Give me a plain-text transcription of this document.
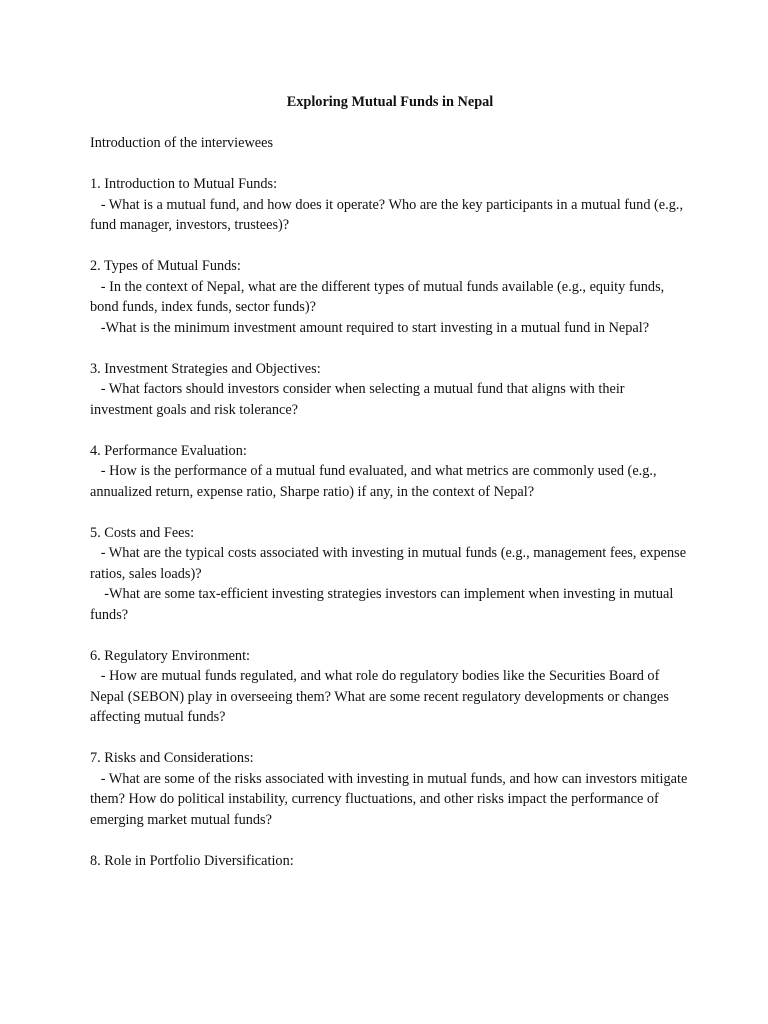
Exploring Mutual Funds in Nepal
Introduction of the interviewees
1. Introduction to Mutual Funds:
- What is a mutual fund, and how does it operate? Who are the key participants in a mutual fund (e.g., fund manager, investors, trustees)?
2. Types of Mutual Funds:
- In the context of Nepal, what are the different types of mutual funds available (e.g., equity funds, bond funds, index funds, sector funds)?
-What is the minimum investment amount required to start investing in a mutual fund in Nepal?
3. Investment Strategies and Objectives:
- What factors should investors consider when selecting a mutual fund that aligns with their investment goals and risk tolerance?
4. Performance Evaluation:
- How is the performance of a mutual fund evaluated, and what metrics are commonly used (e.g., annualized return, expense ratio, Sharpe ratio) if any, in the context of Nepal?
5. Costs and Fees:
- What are the typical costs associated with investing in mutual funds (e.g., management fees, expense ratios, sales loads)?
-What are some tax-efficient investing strategies investors can implement when investing in mutual funds?
6. Regulatory Environment:
- How are mutual funds regulated, and what role do regulatory bodies like the Securities Board of Nepal (SEBON) play in overseeing them? What are some recent regulatory developments or changes affecting mutual funds?
7. Risks and Considerations:
- What are some of the risks associated with investing in mutual funds, and how can investors mitigate them? How do political instability, currency fluctuations, and other risks impact the performance of emerging market mutual funds?
8. Role in Portfolio Diversification:
